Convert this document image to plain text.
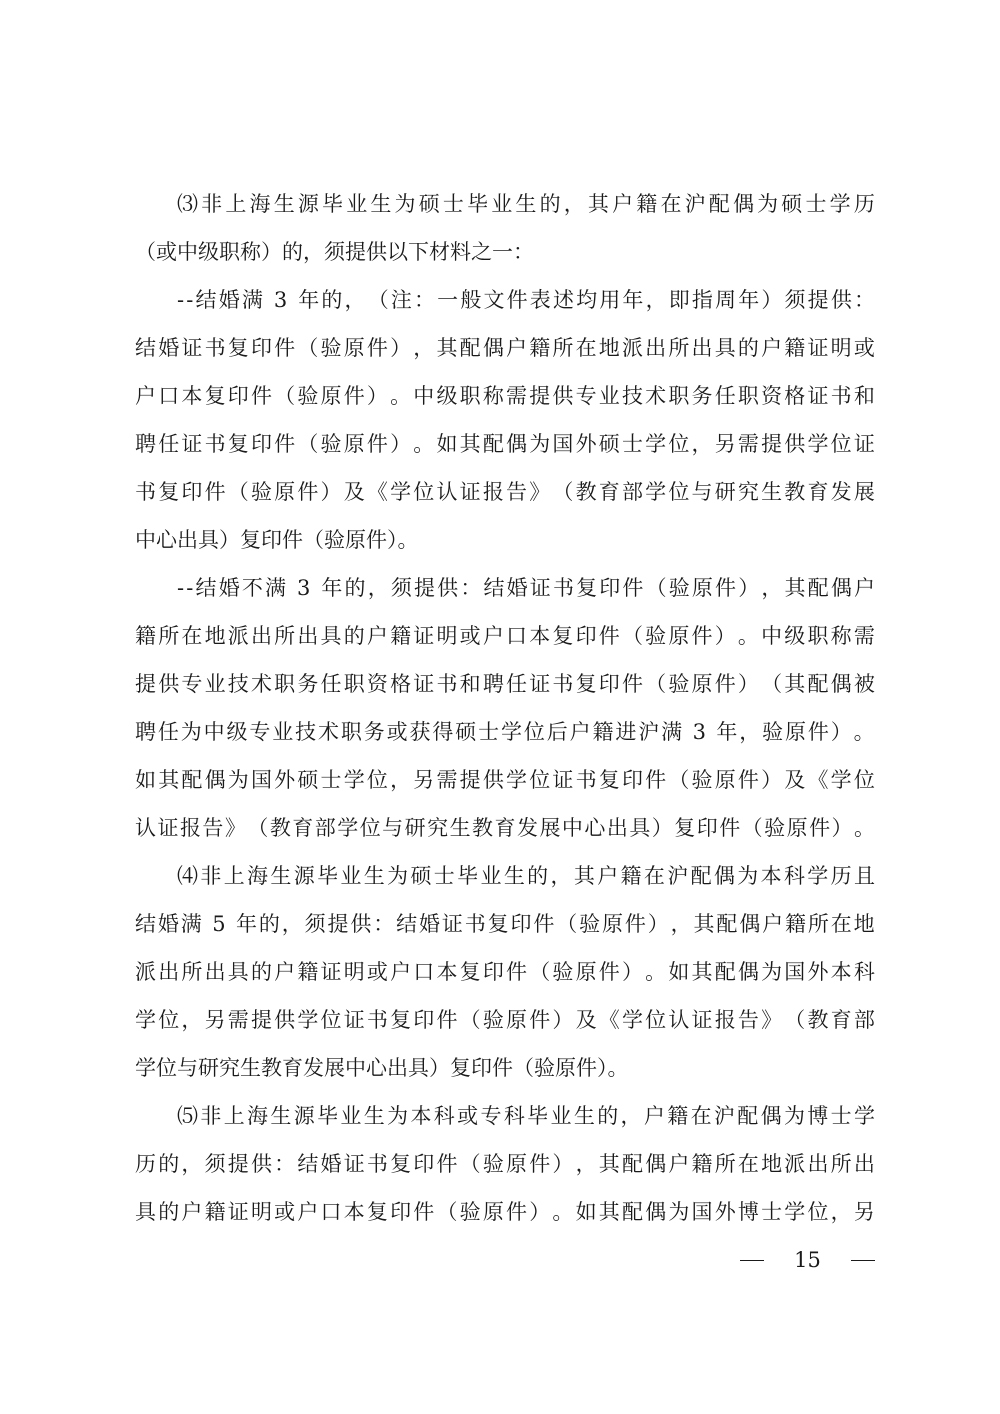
⑶ 非 上 海 生 源 毕 业 生 为 硕 士 毕 业 生 的 ， 其 户 籍 在 沪 配 偶 为 硕 士 学 历
（或中级职称）的，须提供以下材料之一：
- - 结 婚 满
3
年 的 ， （ 注 ： 一 般 文 件 表 述 均 用 年 ， 即 指 周 年 ） 须 提 供 ：
结 婚 证 书 复 印 件 （ 验 原 件 ） ， 其 配 偶 户 籍 所 在 地 派 出 所 出 具 的 户 籍 证 明 或
户 口 本 复 印 件 （ 验 原 件 ） 。 中 级 职 称 需 提 供 专 业 技 术 职 务 任 职 资 格 证 书 和
聘 任 证 书 复 印 件 （ 验 原 件 ） 。 如 其 配 偶 为 国 外 硕 士 学 位 ， 另 需 提 供 学 位 证
书 复 印 件 （ 验 原 件 ） 及 《 学 位 认 证 报 告 》 （ 教 育 部 学 位 与 研 究 生 教 育 发 展
中心出具）复印件（验原件）。
- - 结 婚 不 满
3
年 的 ， 须 提 供 ： 结 婚 证 书 复 印 件 （ 验 原 件 ） ， 其 配 偶 户
籍 所 在 地 派 出 所 出 具 的 户 籍 证 明 或 户 口 本 复 印 件 （ 验 原 件 ） 。 中 级 职 称 需
提 供 专 业 技 术 职 务 任 职 资 格 证 书 和 聘 任 证 书 复 印 件 （ 验 原 件 ） （ 其 配 偶 被
聘 任 为 中 级 专 业 技 术 职 务 或 获 得 硕 士 学 位 后 户 籍 进 沪 满
3
年 ， 验 原 件 ） 。
如 其 配 偶 为 国 外 硕 士 学 位 ， 另 需 提 供 学 位 证 书 复 印 件 （ 验 原 件 ） 及 《 学 位
认 证 报 告 》 （ 教 育 部 学 位 与 研 究 生 教 育 发 展 中 心 出 具 ） 复 印 件 （ 验 原 件 ） 。
⑷ 非 上 海 生 源 毕 业 生 为 硕 士 毕 业 生 的 ， 其 户 籍 在 沪 配 偶 为 本 科 学 历 且
结 婚 满
5
年 的 ， 须 提 供 ： 结 婚 证 书 复 印 件 （ 验 原 件 ） ， 其 配 偶 户 籍 所 在 地
派 出 所 出 具 的 户 籍 证 明 或 户 口 本 复 印 件 （ 验 原 件 ） 。 如 其 配 偶 为 国 外 本 科
学 位 ， 另 需 提 供 学 位 证 书 复 印 件 （ 验 原 件 ） 及 《 学 位 认 证 报 告 》 （ 教 育 部
学位与研究生教育发展中心出具）复印件（验原件）。
⑸ 非 上 海 生 源 毕 业 生 为 本 科 或 专 科 毕 业 生 的 ， 户 籍 在 沪 配 偶 为 博 士 学
历 的 ， 须 提 供 ： 结 婚 证 书 复 印 件 （ 验 原 件 ） ， 其 配 偶 户 籍 所 在 地 派 出 所 出
具 的 户 籍 证 明 或 户 口 本 复 印 件 （ 验 原 件 ） 。 如 其 配 偶 为 国 外 博 士 学 位 ， 另
15
